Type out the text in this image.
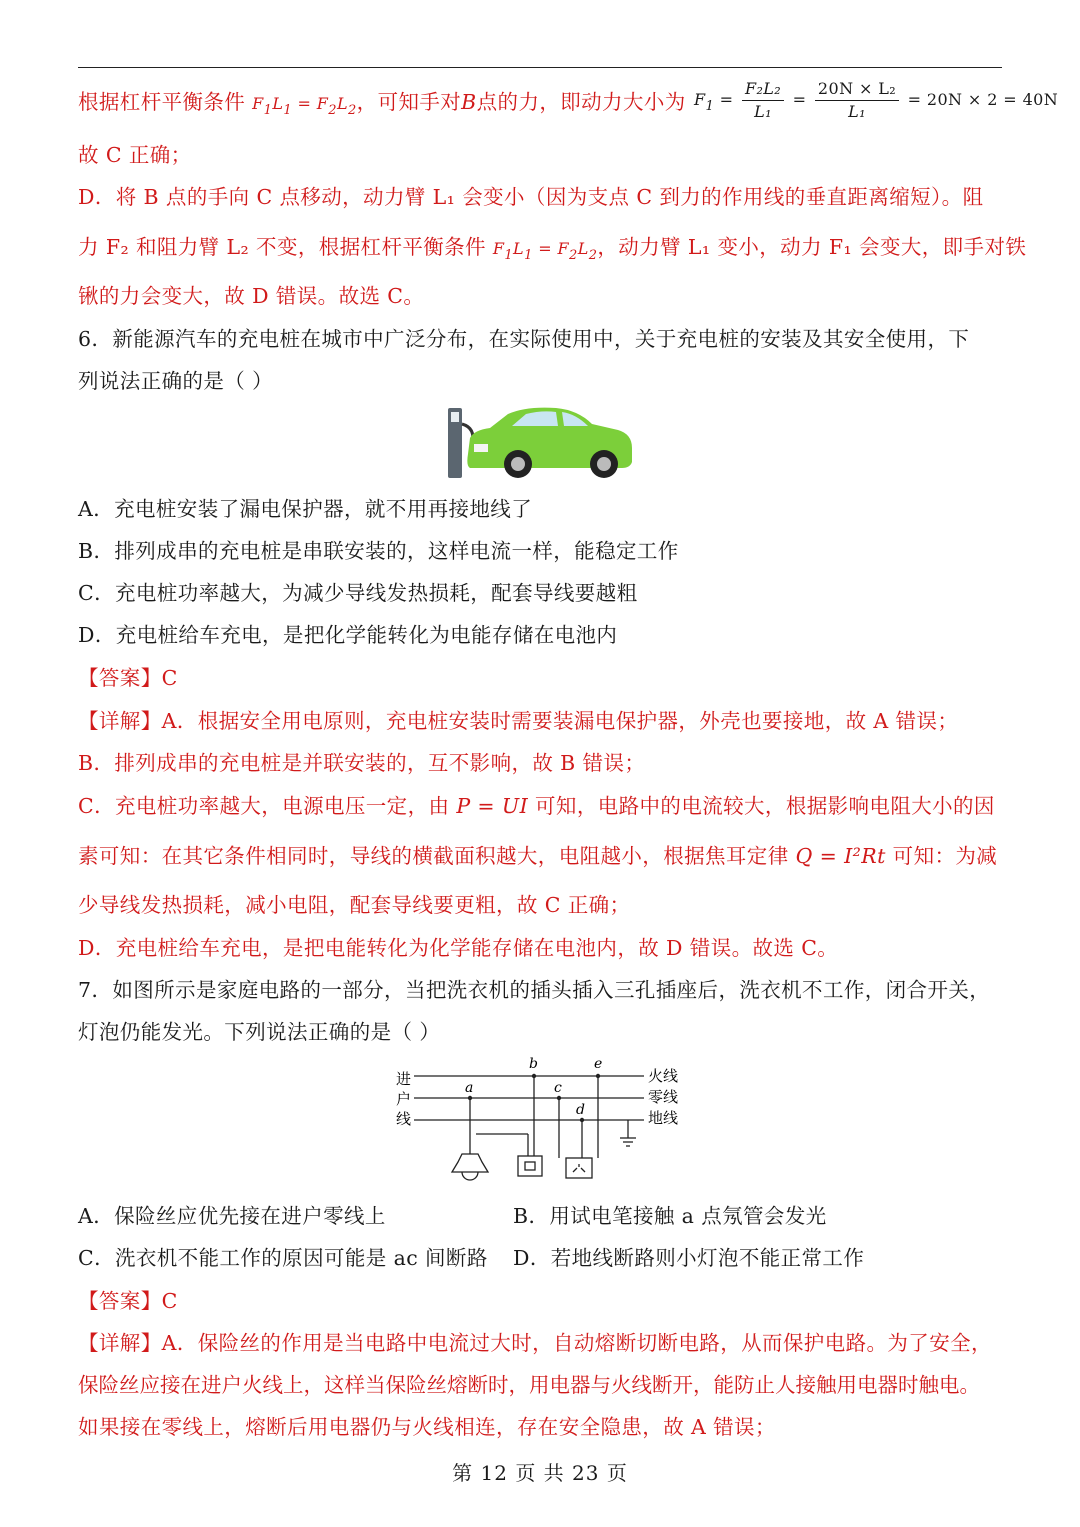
根据杠杆平衡条件 $F_1L_1 = F_2L_2$，可知手对B点的力，即动力大小为 $F_1 = \frac{\text{F₂L₂}}{\text{L₁}} = \frac{\text{20N × L₂}}{\text{L₁}} = 20N \times 2 = 40N$
故 C 正确；
D．将 B 点的手向 C 点移动，动力臂 L₁ 会变小（因为支点 C 到力的作用线的垂直距离缩短）。阻
力 F₂ 和阻力臂 L₂ 不变，根据杠杆平衡条件 $F_1L_1 = F_2L_2$，动力臂 L₁ 变小，动力 F₁ 会变大，即手对铁
锹的力会变大，故 D 错误。故选 C。
6．新能源汽车的充电桩在城市中广泛分布，在实际使用中，关于充电桩的安装及其安全使用，下
列说法正确的是（ ）
A．充电桩安装了漏电保护器，就不用再接地线了
B．排列成串的充电桩是串联安装的，这样电流一样，能稳定工作
C．充电桩功率越大，为减少导线发热损耗，配套导线要越粗
D．充电桩给车充电，是把化学能转化为电能存储在电池内
【答案】C
【详解】A．根据安全用电原则，充电桩安装时需要装漏电保护器，外壳也要接地，故 A 错误；
B．排列成串的充电桩是并联安装的，互不影响，故 B 错误；
C．充电桩功率越大，电源电压一定，由 P = UI 可知，电路中的电流较大，根据影响电阻大小的因
素可知：在其它条件相同时，导线的横截面积越大，电阻越小，根据焦耳定律 Q = I²Rt 可知：为减
少导线发热损耗，减小电阻，配套导线要更粗，故 C 正确；
D．充电桩给车充电，是把电能转化为化学能存储在电池内，故 D 错误。故选 C。
7．如图所示是家庭电路的一部分，当把洗衣机的插头插入三孔插座后，洗衣机不工作，闭合开关，
灯泡仍能发光。下列说法正确的是（ ）
进
户
线
火线
零线
地线
a
b
c
d
e
A．保险丝应优先接在进户零线上	B．用试电笔接触 a 点氖管会发光
C．洗衣机不能工作的原因可能是 ac 间断路 D．若地线断路则小灯泡不能正常工作
【答案】C
【详解】A．保险丝的作用是当电路中电流过大时，自动熔断切断电路，从而保护电路。为了安全，
保险丝应接在进户火线上，这样当保险丝熔断时，用电器与火线断开，能防止人接触用电器时触电。
如果接在零线上，熔断后用电器仍与火线相连，存在安全隐患，故 A 错误；
第 12 页 共 23 页
